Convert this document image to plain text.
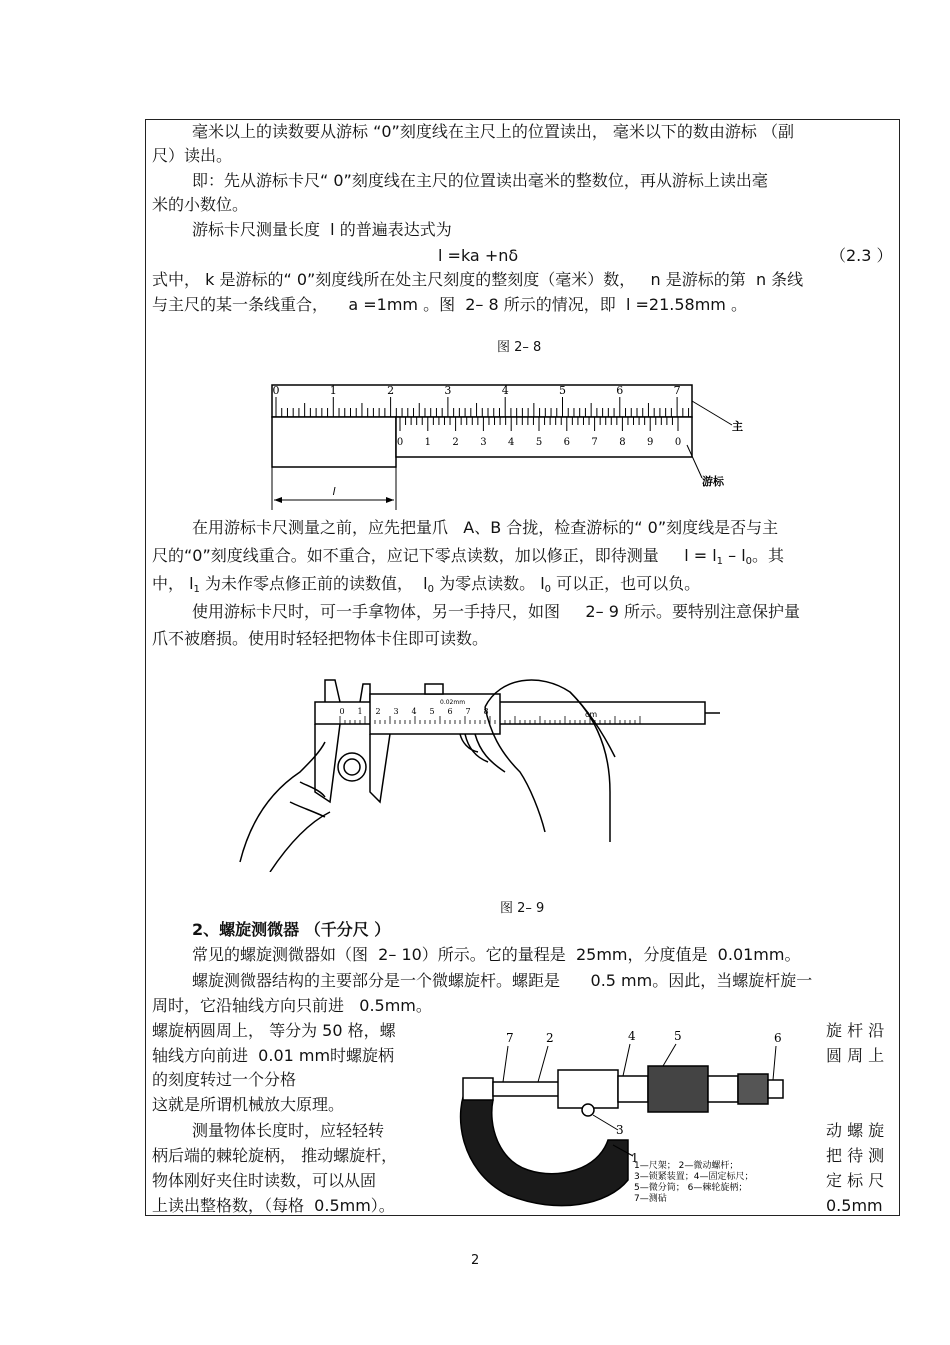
毫米以上的读数要从游标 “0”刻度线在主尺上的位置读出， 毫米以下的数由游标 （副
尺）读出。
即：先从游标卡尺“ 0”刻度线在主尺的位置读出毫米的整数位，再从游标上读出毫
米的小数位。
游标卡尺测量长度  l 的普遍表达式为
l =ka +nδ	（2.3 ）
式中， k 是游标的“ 0”刻度线所在处主尺刻度的整刻度（毫米）数，   n 是游标的第  n 条线
与主尺的某一条线重合，    a =1mm 。图  2– 8 所示的情况，即  l =21.58mm 。
图 2– 8
0	1	2	3	4	5	6	7
0 1 2 3 4 5 6 7 8 9 0
l
主
游标
在用游标卡尺测量之前，应先把量爪   A、B 合拢，检查游标的“ 0”刻度线是否与主
尺的“0”刻度线重合。如不重合，应记下零点读数，加以修正，即待测量     $l = l_1 - l_0$。其
中， $l_1$ 为未作零点修正前的读数值，  $l_0$ 为零点读数。 $l_0$ 可以正，也可以负。
使用游标卡尺时，可一手拿物体，另一手持尺，如图     2– 9 所示。要特别注意保护量
爪不被磨损。使用时轻轻把物体卡住即可读数。
0 1 2 3 4 5 6 7 8
0.02mm
cm
图 2– 9
2、螺旋测微器 （千分尺 ）
常见的螺旋测微器如（图  2– 10）所示。它的量程是  25mm，分度值是  0.01mm。
螺旋测微器结构的主要部分是一个微螺旋杆。螺距是      0.5 mm。因此，当螺旋杆旋一
周时，它沿轴线方向只前进   0.5mm。
螺旋柄圆周上， 等分为 50 格，螺
轴线方向前进  0.01 mm时螺旋柄
的刻度转过一个分格
这就是所谓机械放大原理。
测量物体长度时，应轻轻转
柄后端的棘轮旋柄， 推动螺旋杆，
物体刚好夹住时读数，可以从固
上读出整格数，（每格  0.5mm）。
旋 杆 沿
圆 周 上
动 螺 旋
把 待 测
定 标 尺
0.5mm
7	2	4	5	6
3
1
1—尺架； 2—微动螺杆；
3—锁紧装置；4—固定标尺；
5—微分筒； 6—棘轮旋柄；
7—测砧
2
